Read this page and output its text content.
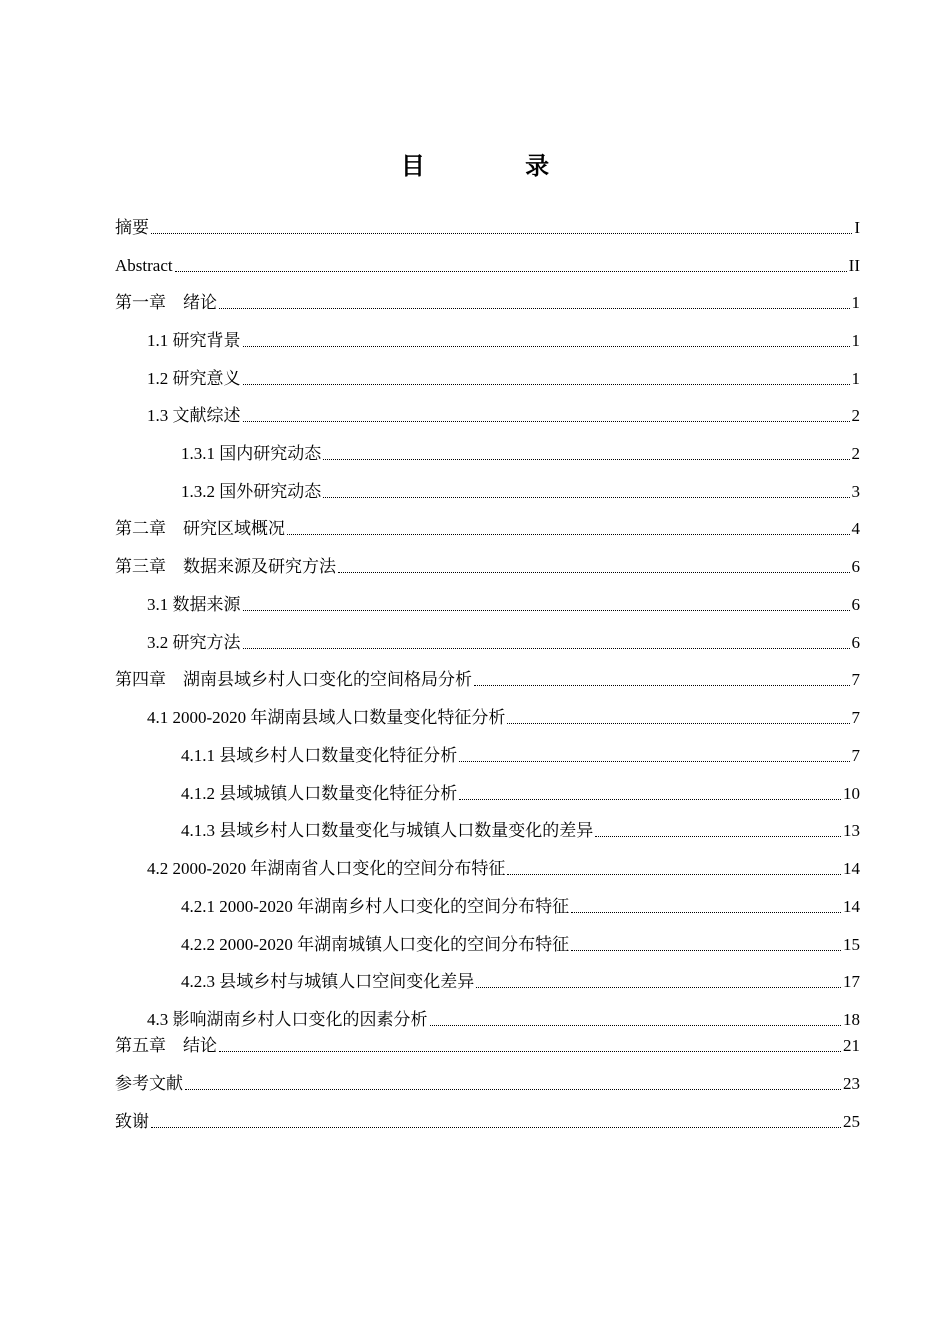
目 录
摘要	I
Abstract	II
第一章　绪论	1
1.1 研究背景	1
1.2 研究意义	1
1.3 文献综述	2
1.3.1 国内研究动态	2
1.3.2 国外研究动态	3
第二章　研究区域概况	4
第三章　数据来源及研究方法	6
3.1 数据来源	6
3.2 研究方法	6
第四章　湖南县域乡村人口变化的空间格局分析	7
4.1 2000-2020 年湖南县域人口数量变化特征分析	7
4.1.1 县域乡村人口数量变化特征分析	7
4.1.2 县域城镇人口数量变化特征分析	10
4.1.3 县域乡村人口数量变化与城镇人口数量变化的差异	13
4.2 2000-2020 年湖南省人口变化的空间分布特征	14
4.2.1 2000-2020 年湖南乡村人口变化的空间分布特征	14
4.2.2 2000-2020 年湖南城镇人口变化的空间分布特征	15
4.2.3 县域乡村与城镇人口空间变化差异	17
4.3 影响湖南乡村人口变化的因素分析	18
第五章　结论	21
参考文献	23
致谢	25
